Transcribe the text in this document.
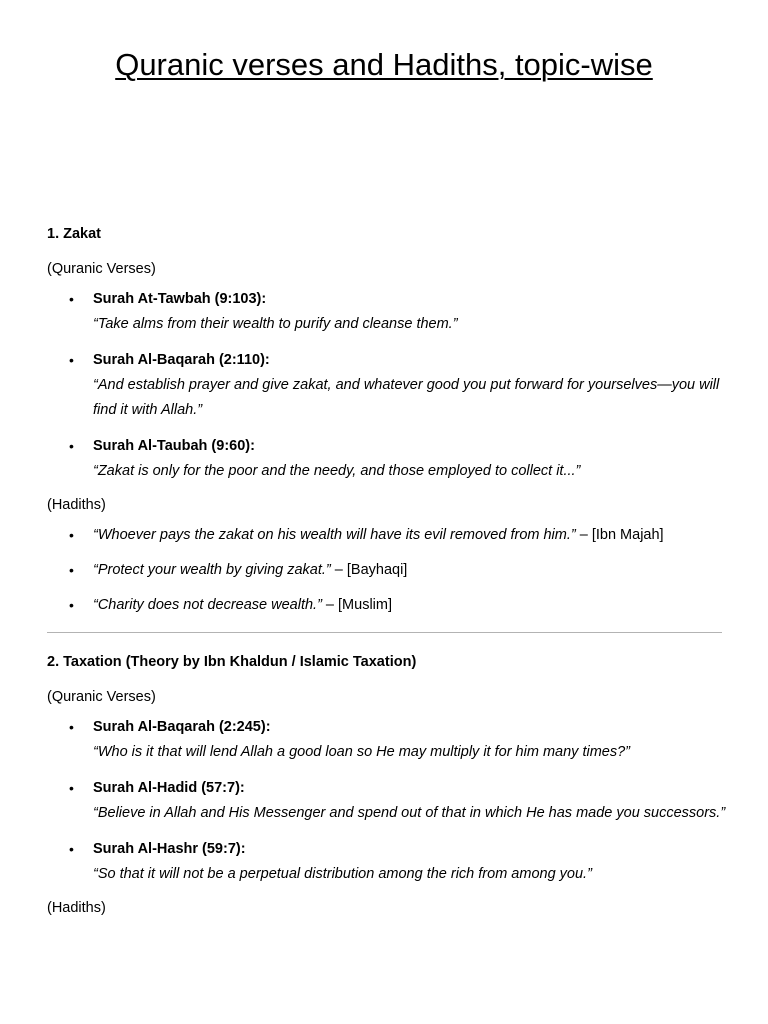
Quranic verses and Hadiths, topic-wise

1. Zakat

(Quranic Verses)

• Surah At-Tawbah (9:103):
“Take alms from their wealth to purify and cleanse them.”
• Surah Al-Baqarah (2:110):
“And establish prayer and give zakat, and whatever good you put forward for yourselves—you will find it with Allah.”
• Surah Al-Taubah (9:60):
“Zakat is only for the poor and the needy, and those employed to collect it...”

(Hadiths)

• “Whoever pays the zakat on his wealth will have its evil removed from him.” – [Ibn Majah]
• “Protect your wealth by giving zakat.” – [Bayhaqi]
• “Charity does not decrease wealth.” – [Muslim]

2. Taxation (Theory by Ibn Khaldun / Islamic Taxation)

(Quranic Verses)

• Surah Al-Baqarah (2:245):
“Who is it that will lend Allah a good loan so He may multiply it for him many times?”
• Surah Al-Hadid (57:7):
“Believe in Allah and His Messenger and spend out of that in which He has made you successors.”
• Surah Al-Hashr (59:7):
“So that it will not be a perpetual distribution among the rich from among you.”

(Hadiths)
